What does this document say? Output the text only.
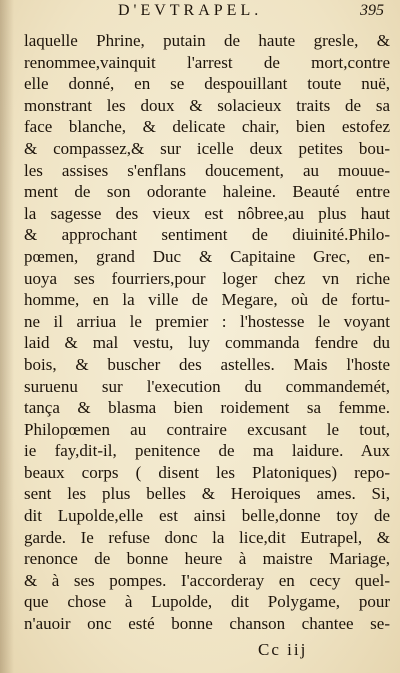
D'EVTRAPEL.	395
laquelle Phrine, putain de haute gresle, &
renommee,vainquit l'arrest de mort,contre
elle donné, en se despouillant toute nuë,
monstrant les doux & solacieux traits de sa
face blanche, & delicate chair, bien estofez
& compassez,& sur icelle deux petites bou-
les assises s'enflans doucement, au mouue-
ment de son odorante haleine. Beauté entre
la sagesse des vieux est nôbree,au plus haut
& approchant sentiment de diuinité.Philo-
pœmen, grand Duc & Capitaine Grec, en-
uoya ses fourriers,pour loger chez vn riche
homme, en la ville de Megare, où de fortu-
ne il arriua le premier : l'hostesse le voyant
laid & mal vestu, luy commanda fendre du
bois, & buscher des astelles. Mais l'hoste
suruenu sur l'execution du commandemét,
tança & blasma bien roidement sa femme.
Philopœmen au contraire excusant le tout,
ie fay,dit-il, penitence de ma laidure. Aux
beaux corps ( disent les Platoniques) repo-
sent les plus belles & Heroiques ames. Si,
dit Lupolde,elle est ainsi belle,donne toy de
garde. Ie refuse donc la lice,dit Eutrapel, &
renonce de bonne heure à maistre Mariage,
& à ses pompes. I'accorderay en cecy quel-
que chose à Lupolde, dit Polygame, pour
n'auoir onc esté bonne chanson chantee se-
Cc iij
